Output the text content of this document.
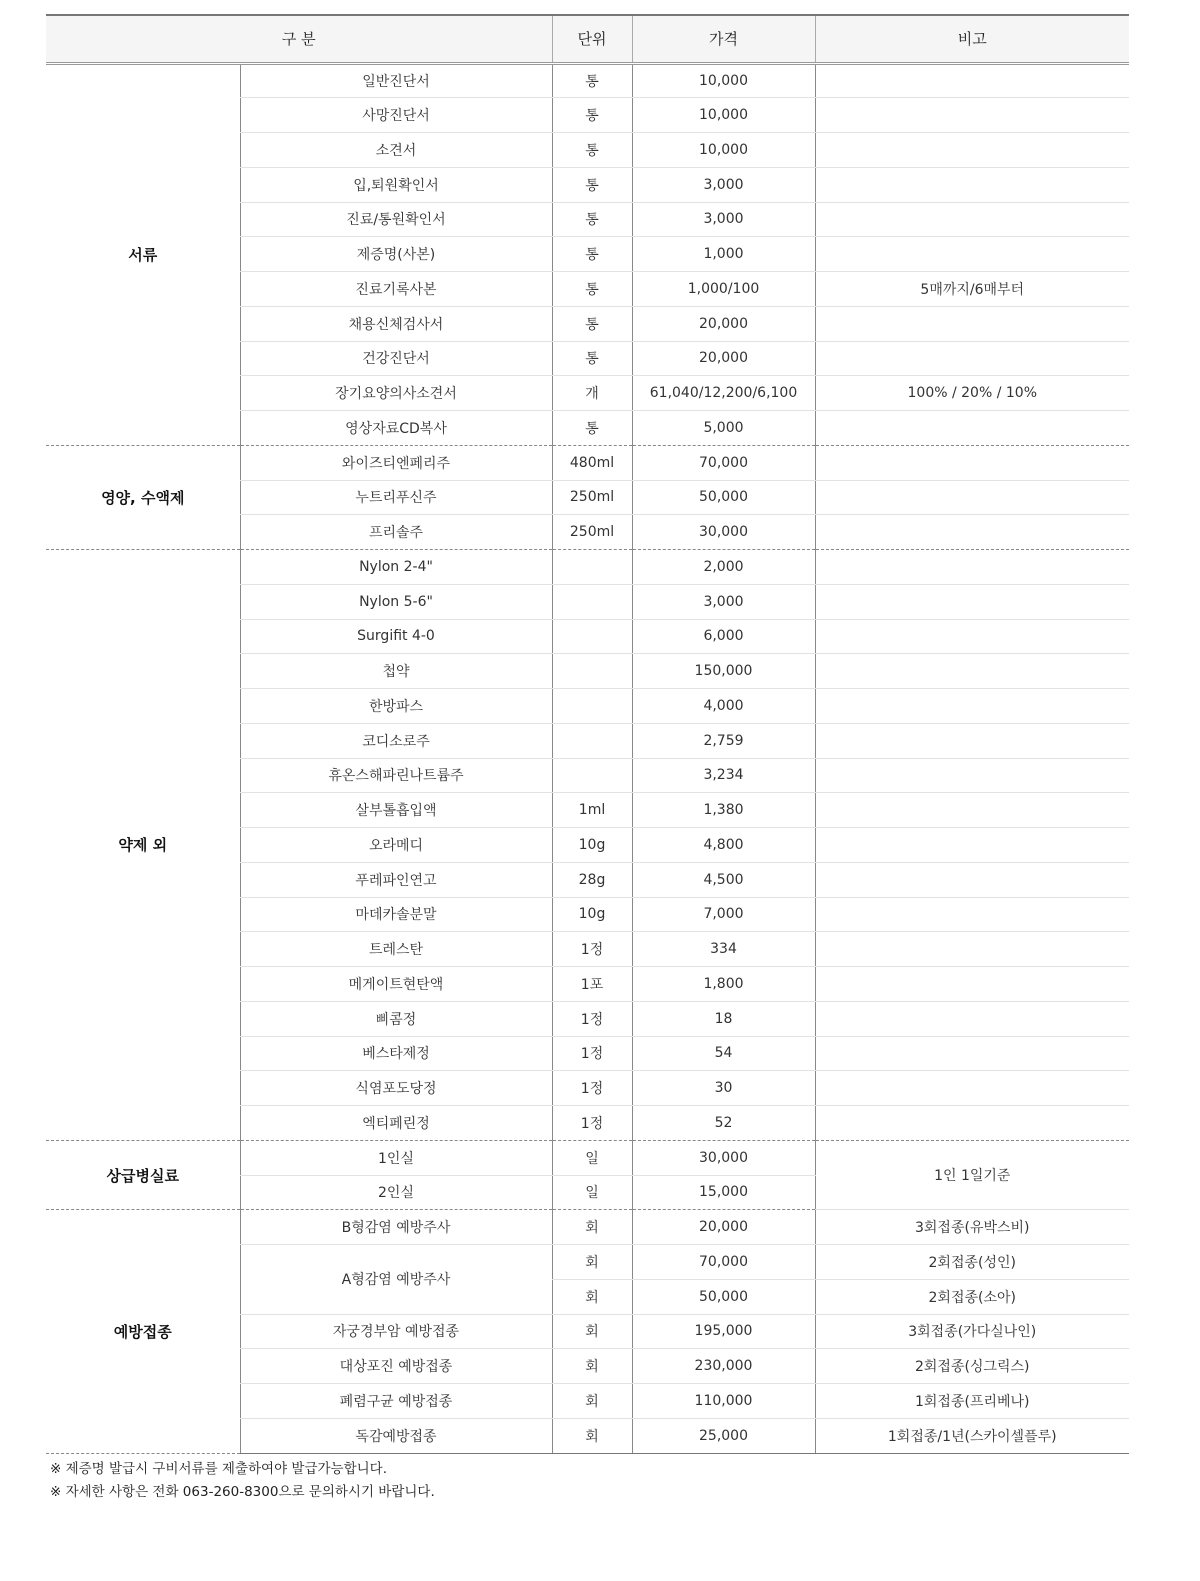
구 분		단위	가격	비고
서류	일반진단서	통	10,000	
	사망진단서	통	10,000	
	소견서	통	10,000	
	입,퇴원확인서	통	3,000	
	진료/통원확인서	통	3,000	
	제증명(사본)	통	1,000	
	진료기록사본	통	1,000/100	5매까지/6매부터
	채용신체검사서	통	20,000	
	건강진단서	통	20,000	
	장기요양의사소견서	개	61,040/12,200/6,100	100% / 20% / 10%
	영상자료CD복사	통	5,000	
영양, 수액제	와이즈티엔페리주	480ml	70,000	
	누트리푸신주	250ml	50,000	
	프리솔주	250ml	30,000	
약제 외	Nylon 2-4"		2,000	
	Nylon 5-6"		3,000	
	Surgifit 4-0		6,000	
	첩약		150,000	
	한방파스		4,000	
	코디소로주		2,759	
	휴온스해파린나트륨주		3,234	
	살부톨흡입액	1ml	1,380	
	오라메디	10g	4,800	
	푸레파인연고	28g	4,500	
	마데카솔분말	10g	7,000	
	트레스탄	1정	334	
	메게이트현탄액	1포	1,800	
	삐콤정	1정	18	
	베스타제정	1정	54	
	식염포도당정	1정	30	
	엑티페린정	1정	52	
상급병실료	1인실	일	30,000	1인 1일기준
	2인실	일	15,000	
예방접종	B형감염 예방주사	회	20,000	3회접종(유박스비)
	A형감염 예방주사	회	70,000	2회접종(성인)
		회	50,000	2회접종(소아)
	자궁경부암 예방접종	회	195,000	3회접종(가다실나인)
	대상포진 예방접종	회	230,000	2회접종(싱그릭스)
	폐렴구균 예방접종	회	110,000	1회접종(프리베나)
	독감예방접종	회	25,000	1회접종/1년(스카이셀플루)
※ 제증명 발급시 구비서류를 제출하여야 발급가능합니다.
※ 자세한 사항은 전화 063-260-8300으로 문의하시기 바랍니다.
